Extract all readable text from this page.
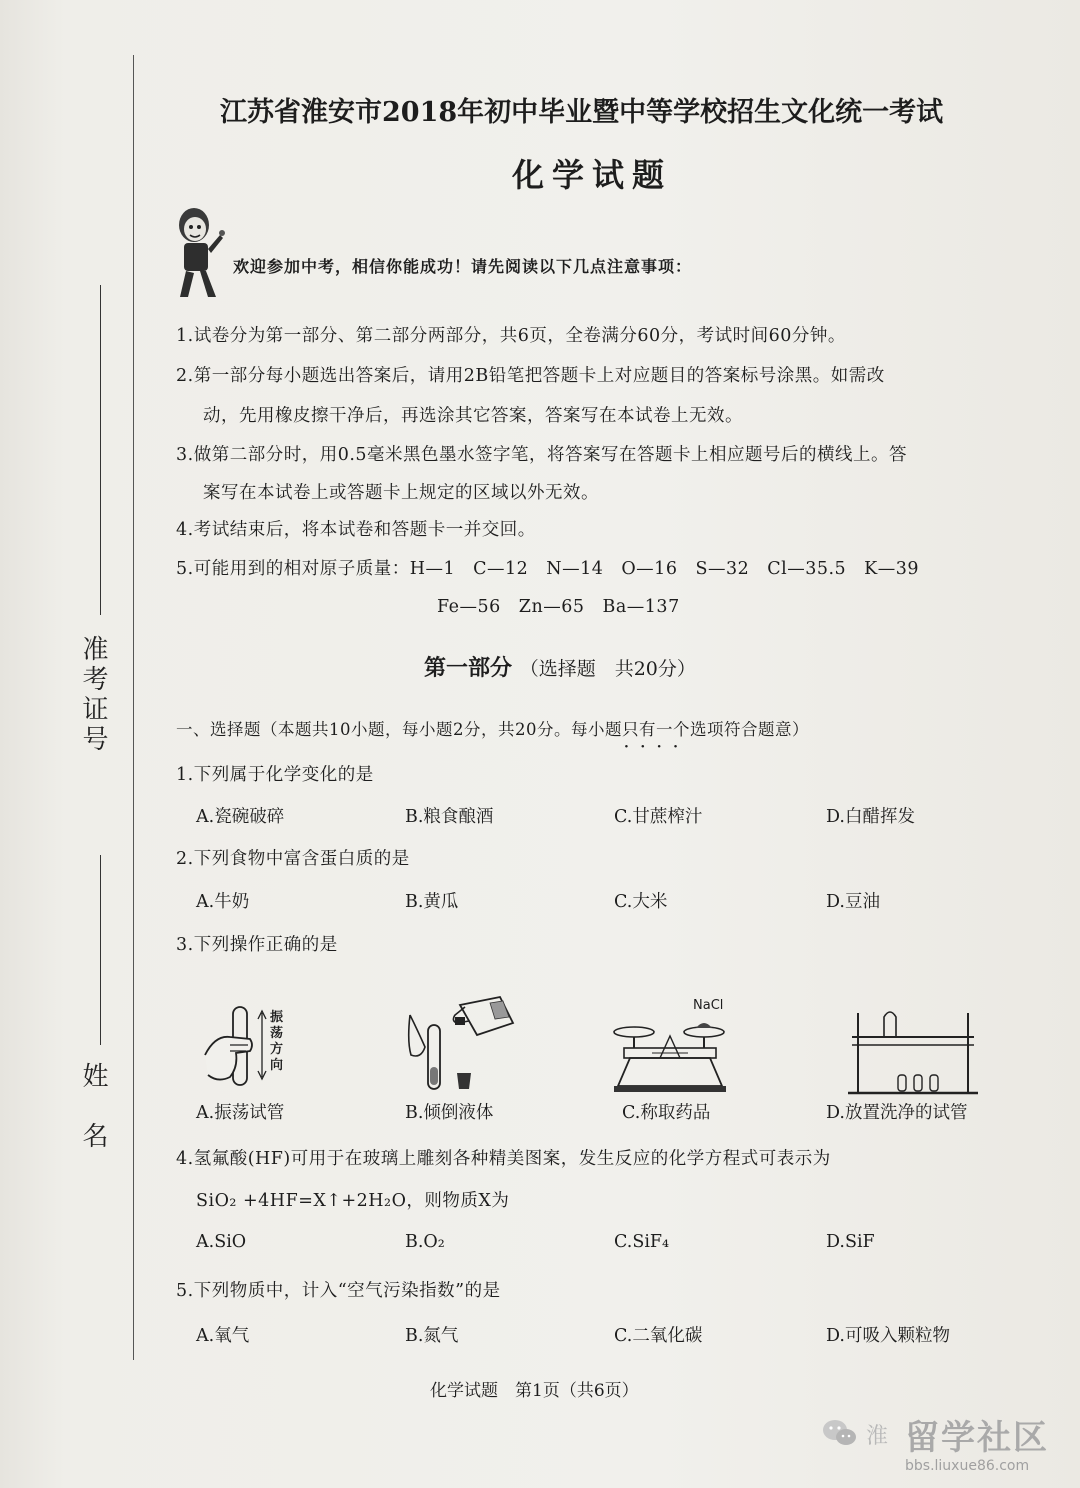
准考证号
姓　名
江苏省淮安市2018年初中毕业暨中等学校招生文化统一考试
化学试题
欢迎参加中考，相信你能成功！请先阅读以下几点注意事项：
1.试卷分为第一部分、第二部分两部分，共6页，全卷满分60分，考试时间60分钟。
2.第一部分每小题选出答案后，请用2B铅笔把答题卡上对应题目的答案标号涂黑。如需改
动，先用橡皮擦干净后，再选涂其它答案，答案写在本试卷上无效。
3.做第二部分时，用0.5毫米黑色墨水签字笔，将答案写在答题卡上相应题号后的横线上。答
案写在本试卷上或答题卡上规定的区域以外无效。
4.考试结束后，将本试卷和答题卡一并交回。
5.可能用到的相对原子质量：H—1　C—12　N—14　O—16　S—32　Cl—35.5　K—39
Fe—56　Zn—65　Ba—137
第一部分 （选择题　共20分）
一、选择题（本题共10小题，每小题2分，共20分。每小题只有一个
····
选项符合题意）
1.下列属于化学变化的是
A.瓷碗破碎	B.粮食酿酒	C.甘蔗榨汁	D.白醋挥发
2.下列食物中富含蛋白质的是
A.牛奶	B.黄瓜	C.大米	D.豆油
3.下列操作正确的是
振荡方向
NaCl
A.振荡试管	B.倾倒液体	C.称取药品	D.放置洗净的试管
4.氢氟酸(HF)可用于在玻璃上雕刻各种精美图案，发生反应的化学方程式可表示为
SiO₂ +4HF=X↑+2H₂O，则物质X为
A.SiO	B.O₂	C.SiF₄	D.SiF
5.下列物质中，计入“空气污染指数”的是
A.氧气	B.氮气	C.二氧化碳	D.可吸入颗粒物
化学试题　第1页（共6页）
淮 留学社区
bbs.liuxue86.com
